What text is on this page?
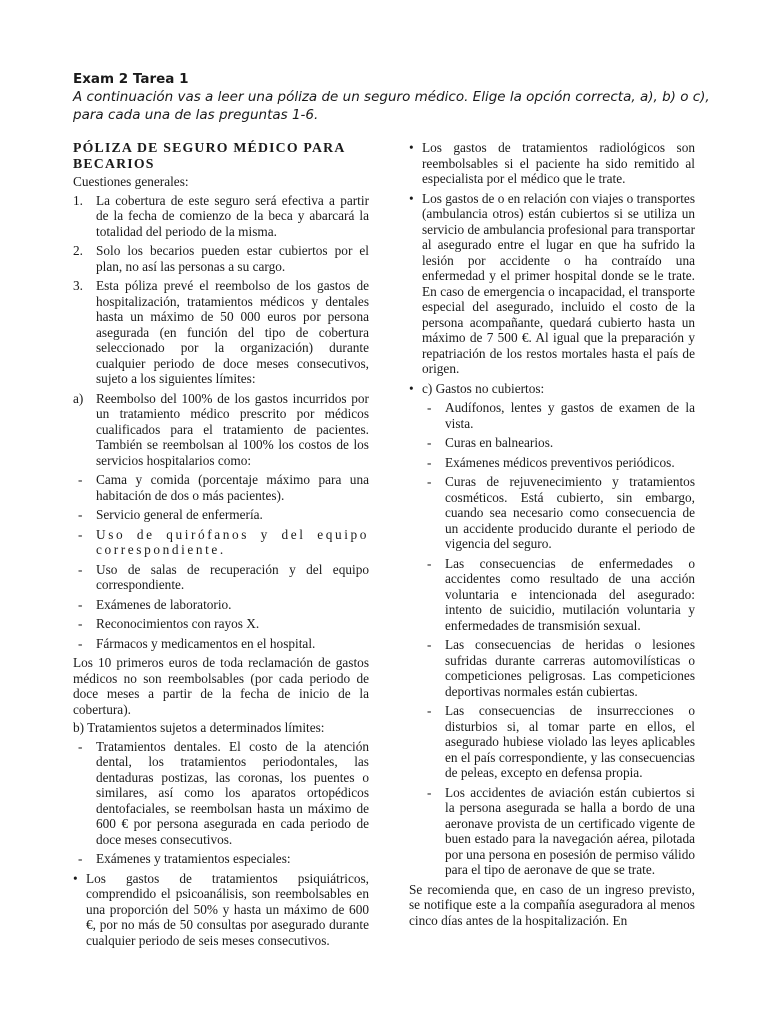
Exam 2 Tarea 1
A continuación vas a leer una póliza de un seguro médico. Elige la opción correcta, a), b) o c), para cada una de las preguntas 1-6.
PÓLIZA DE SEGURO MÉDICO PARA BECARIOS
Cuestiones generales:
1. La cobertura de este seguro será efectiva a partir de la fecha de comienzo de la beca y abarcará la totalidad del periodo de la misma.
2. Solo los becarios pueden estar cubiertos por el plan, no así las personas a su cargo.
3. Esta póliza prevé el reembolso de los gastos de hospitalización, tratamientos médicos y dentales hasta un máximo de 50 000 euros por persona asegurada (en función del tipo de cobertura seleccionado por la organización) durante cualquier periodo de doce meses consecutivos, sujeto a los siguientes límites:
a) Reembolso del 100% de los gastos incurridos por un tratamiento médico prescrito por médicos cualificados para el tratamiento de pacientes. También se reembolsan al 100% los costos de los servicios hospitalarios como:
- Cama y comida (porcentaje máximo para una habitación de dos o más pacientes).
- Servicio general de enfermería.
- Uso de quirófanos y del equipo correspondiente.
- Uso de salas de recuperación y del equipo correspondiente.
- Exámenes de laboratorio.
- Reconocimientos con rayos X.
- Fármacos y medicamentos en el hospital.
Los 10 primeros euros de toda reclamación de gastos médicos no son reembolsables (por cada periodo de doce meses a partir de la fecha de inicio de la cobertura).
b) Tratamientos sujetos a determinados límites:
- Tratamientos dentales. El costo de la atención dental, los tratamientos periodontales, las dentaduras postizas, las coronas, los puentes o similares, así como los aparatos ortopédicos dentofaciales, se reembolsan hasta un máximo de 600 € por persona asegurada en cada periodo de doce meses consecutivos.
- Exámenes y tratamientos especiales:
• Los gastos de tratamientos psiquiátricos, comprendido el psicoanálisis, son reembolsables en una proporción del 50% y hasta un máximo de 600 €, por no más de 50 consultas por asegurado durante cualquier periodo de seis meses consecutivos.
• Los gastos de tratamientos radiológicos son reembolsables si el paciente ha sido remitido al especialista por el médico que le trate.
• Los gastos de o en relación con viajes o transportes (ambulancia otros) están cubiertos si se utiliza un servicio de ambulancia profesional para transportar al asegurado entre el lugar en que ha sufrido la lesión por accidente o ha contraído una enfermedad y el primer hospital donde se le trate. En caso de emergencia o incapacidad, el transporte especial del asegurado, incluido el costo de la persona acompañante, quedará cubierto hasta un máximo de 7 500 €. Al igual que la preparación y repatriación de los restos mortales hasta el país de origen.
• c) Gastos no cubiertos:
- Audífonos, lentes y gastos de examen de la vista.
- Curas en balnearios.
- Exámenes médicos preventivos periódicos.
- Curas de rejuvenecimiento y tratamientos cosméticos. Está cubierto, sin embargo, cuando sea necesario como consecuencia de un accidente producido durante el periodo de vigencia del seguro.
- Las consecuencias de enfermedades o accidentes como resultado de una acción voluntaria e intencionada del asegurado: intento de suicidio, mutilación voluntaria y enfermedades de transmisión sexual.
- Las consecuencias de heridas o lesiones sufridas durante carreras automovilísticas o competiciones peligrosas. Las competiciones deportivas normales están cubiertas.
- Las consecuencias de insurrecciones o disturbios si, al tomar parte en ellos, el asegurado hubiese violado las leyes aplicables en el país correspondiente, y las consecuencias de peleas, excepto en defensa propia.
- Los accidentes de aviación están cubiertos si la persona asegurada se halla a bordo de una aeronave provista de un certificado vigente de buen estado para la navegación aérea, pilotada por una persona en posesión de permiso válido para el tipo de aeronave de que se trate.
Se recomienda que, en caso de un ingreso previsto, se notifique este a la compañía aseguradora al menos cinco días antes de la hospitalización. En
